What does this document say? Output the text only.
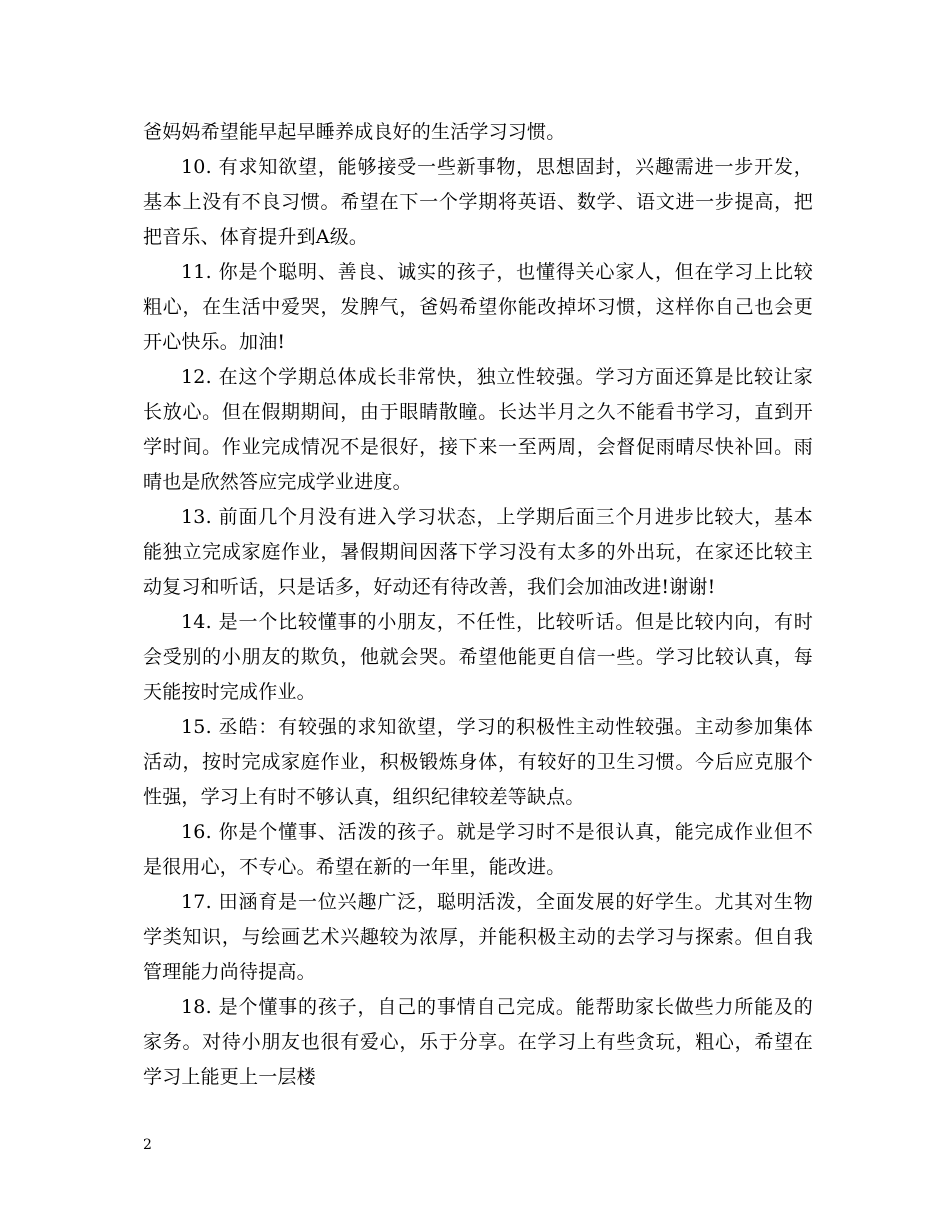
爸妈妈希望能早起早睡养成良好的生活学习习惯。

10. 有求知欲望，能够接受一些新事物，思想固封，兴趣需进一步开发，基本上没有不良习惯。希望在下一个学期将英语、数学、语文进一步提高，把把音乐、体育提升到A级。

11. 你是个聪明、善良、诚实的孩子，也懂得关心家人，但在学习上比较粗心，在生活中爱哭，发脾气，爸妈希望你能改掉坏习惯，这样你自己也会更开心快乐。加油!

12. 在这个学期总体成长非常快，独立性较强。学习方面还算是比较让家长放心。但在假期期间，由于眼睛散瞳。长达半月之久不能看书学习，直到开学时间。作业完成情况不是很好，接下来一至两周，会督促雨晴尽快补回。雨晴也是欣然答应完成学业进度。

13. 前面几个月没有进入学习状态，上学期后面三个月进步比较大，基本能独立完成家庭作业，暑假期间因落下学习没有太多的外出玩，在家还比较主动复习和听话，只是话多，好动还有待改善，我们会加油改进!谢谢!

14. 是一个比较懂事的小朋友，不任性，比较听话。但是比较内向，有时会受别的小朋友的欺负，他就会哭。希望他能更自信一些。学习比较认真，每天能按时完成作业。

15. 丞皓：有较强的求知欲望，学习的积极性主动性较强。主动参加集体活动，按时完成家庭作业，积极锻炼身体，有较好的卫生习惯。今后应克服个性强，学习上有时不够认真，组织纪律较差等缺点。

16. 你是个懂事、活泼的孩子。就是学习时不是很认真，能完成作业但不是很用心，不专心。希望在新的一年里，能改进。

17. 田涵育是一位兴趣广泛，聪明活泼，全面发展的好学生。尤其对生物学类知识，与绘画艺术兴趣较为浓厚，并能积极主动的去学习与探索。但自我管理能力尚待提高。

18. 是个懂事的孩子，自己的事情自己完成。能帮助家长做些力所能及的家务。对待小朋友也很有爱心，乐于分享。在学习上有些贪玩，粗心，希望在学习上能更上一层楼

2
